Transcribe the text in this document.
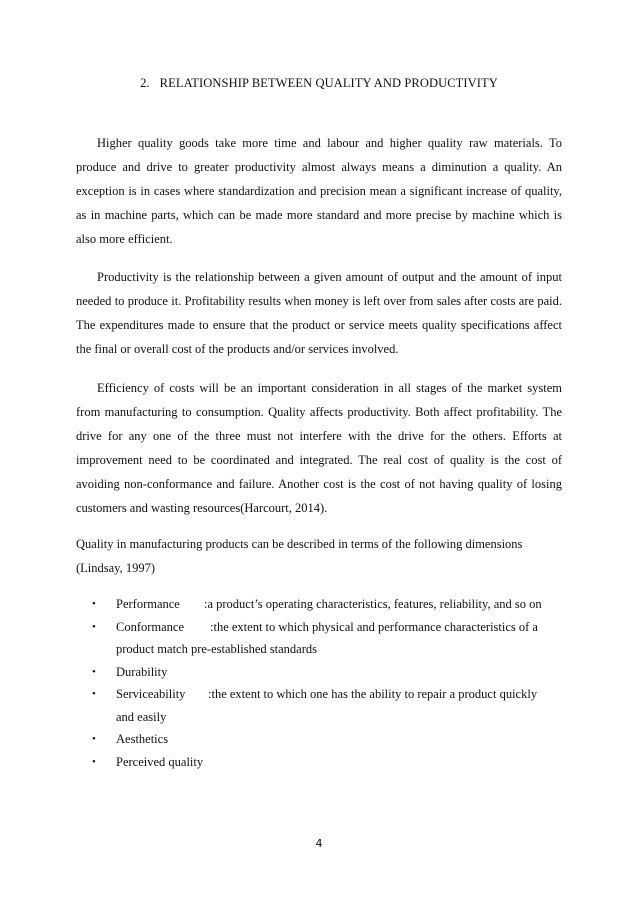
2. RELATIONSHIP BETWEEN QUALITY AND PRODUCTIVITY

Higher quality goods take more time and labour and higher quality raw materials. To produce and drive to greater productivity almost always means a diminution a quality. An exception is in cases where standardization and precision mean a significant increase of quality, as in machine parts, which can be made more standard and more precise by machine which is also more efficient.

Productivity is the relationship between a given amount of output and the amount of input needed to produce it. Profitability results when money is left over from sales after costs are paid. The expenditures made to ensure that the product or service meets quality specifications affect the final or overall cost of the products and/or services involved.

Efficiency of costs will be an important consideration in all stages of the market system from manufacturing to consumption. Quality affects productivity. Both affect profitability. The drive for any one of the three must not interfere with the drive for the others. Efforts at improvement need to be coordinated and integrated. The real cost of quality is the cost of avoiding non-conformance and failure. Another cost is the cost of not having quality of losing customers and wasting resources(Harcourt, 2014).

Quality in manufacturing products can be described in terms of the following dimensions (Lindsay, 1997)

• Performance :a product’s operating characteristics, features, reliability, and so on
• Conformance :the extent to which physical and performance characteristics of a product match pre-established standards
• Durability
• Serviceability :the extent to which one has the ability to repair a product quickly and easily
• Aesthetics
• Perceived quality
4
